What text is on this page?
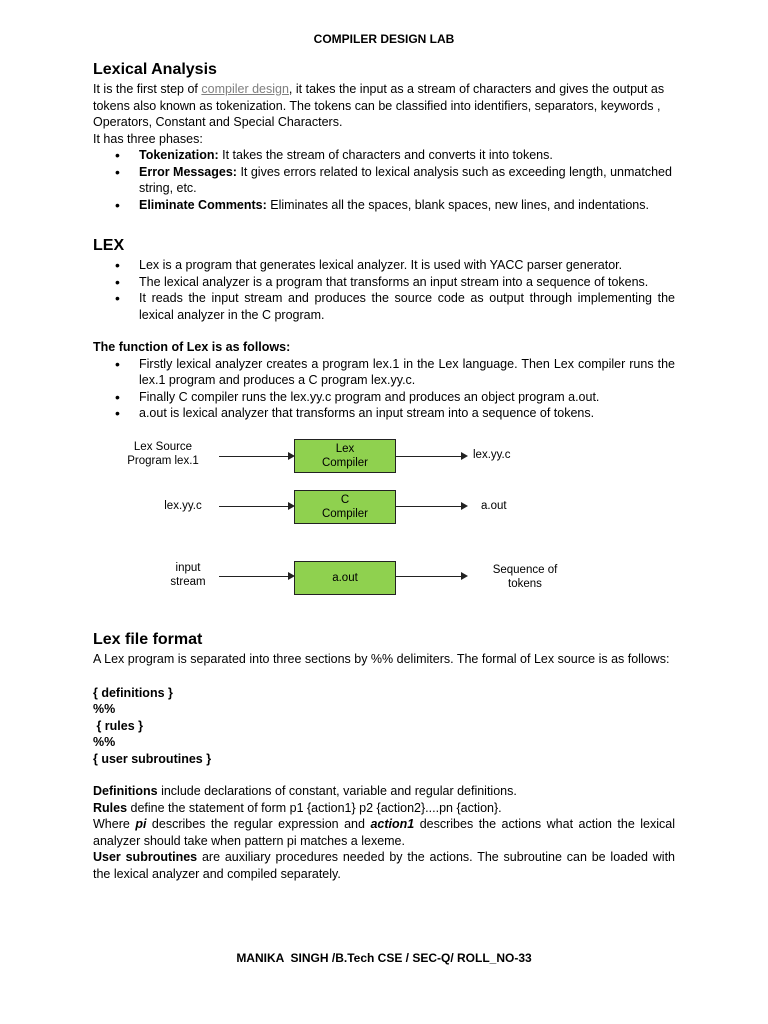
COMPILER DESIGN LAB
Lexical Analysis

It is the first step of compiler design, it takes the input as a stream of characters and gives the output as tokens also known as tokenization. The tokens can be classified into identifiers, separators, keywords , Operators, Constant and Special Characters.

It has three phases:

• Tokenization: It takes the stream of characters and converts it into tokens.
• Error Messages: It gives errors related to lexical analysis such as exceeding length, unmatched string, etc.
• Eliminate Comments: Eliminates all the spaces, blank spaces, new lines, and indentations.
LEX
• Lex is a program that generates lexical analyzer. It is used with YACC parser generator.
• The lexical analyzer is a program that transforms an input stream into a sequence of tokens.
• It reads the input stream and produces the source code as output through implementing the lexical analyzer in the C program.

The function of Lex is as follows:

• Firstly lexical analyzer creates a program lex.1 in the Lex language. Then Lex compiler runs the lex.1 program and produces a C program lex.yy.c.
• Finally C compiler runs the lex.yy.c program and produces an object program a.out.
• a.out is lexical analyzer that transforms an input stream into a sequence of tokens.
Lex Source
Program lex.1
Lex
Compiler
lex.yy.c
lex.yy.c	C
Compiler
a.out
input
stream	a.out
Sequence of
tokens
Lex file format

A Lex program is separated into three sections by %% delimiters. The formal of Lex source is as follows:

{ definitions }
%%
{ rules }
%%
{ user subroutines }

Definitions include declarations of constant, variable and regular definitions.

Rules define the statement of form p1 {action1} p2 {action2}....pn {action}.

Where pi describes the regular expression and action1 describes the actions what action the lexical analyzer should take when pattern pi matches a lexeme.

User subroutines are auxiliary procedures needed by the actions. The subroutine can be loaded with the lexical analyzer and compiled separately.

MANIKA  SINGH /B.Tech CSE / SEC-Q/ ROLL_NO-33
